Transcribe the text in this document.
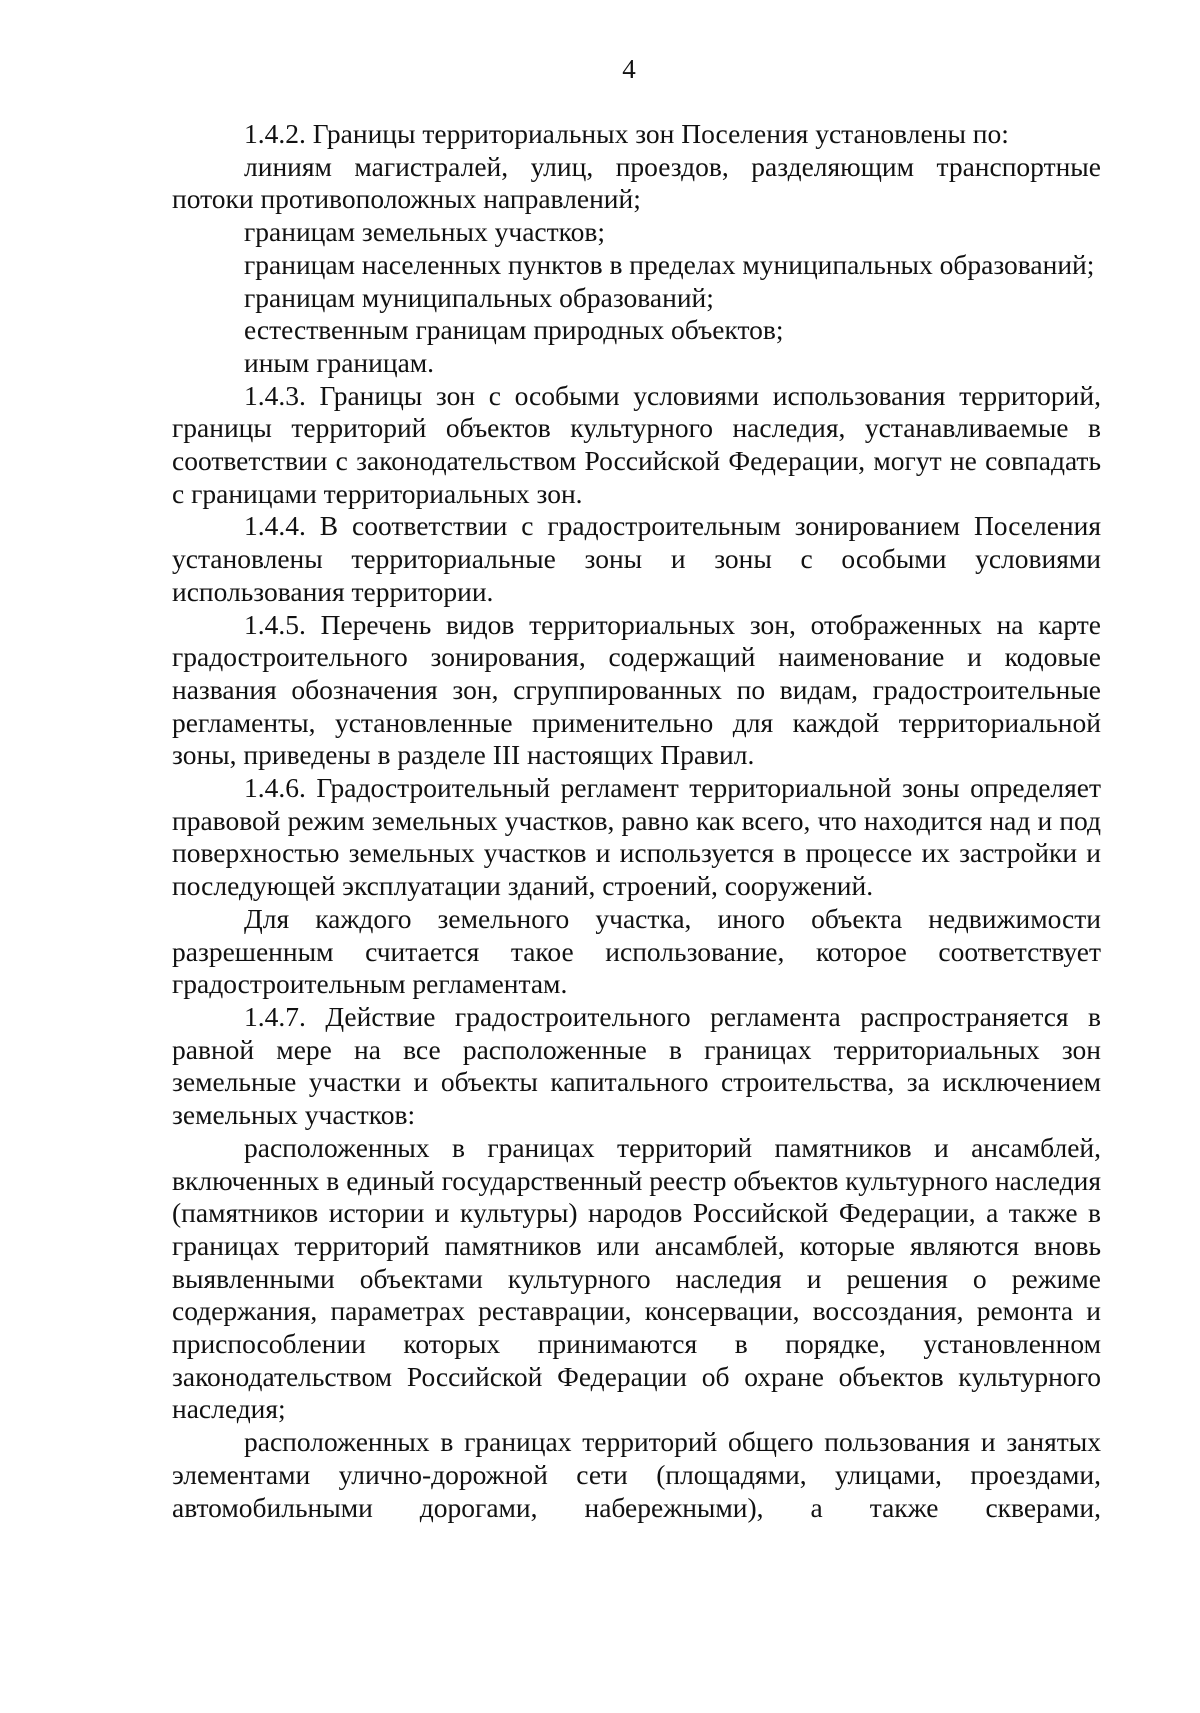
4
1.4.2. Границы территориальных зон Поселения установлены по:

линиям магистралей, улиц, проездов, разделяющим транспортные потоки противоположных направлений;

границам земельных участков;

границам населенных пунктов в пределах муниципальных образований;

границам муниципальных образований;
естественным границам природных объектов;
иным границам.

1.4.3. Границы зон с особыми условиями использования территорий, границы территорий объектов культурного наследия, устанавливаемые в соответствии с законодательством Российской Федерации, могут не совпадать с границами территориальных зон.

1.4.4. В соответствии с градостроительным зонированием Поселения установлены территориальные зоны и зоны с особыми условиями использования территории.

1.4.5. Перечень видов территориальных зон, отображенных на карте градостроительного зонирования, содержащий наименование и кодовые названия обозначения зон, сгруппированных по видам, градостроительные регламенты, установленные применительно для каждой территориальной зоны, приведены в разделе III настоящих Правил.

1.4.6. Градостроительный регламент территориальной зоны определяет правовой режим земельных участков, равно как всего, что находится над и под поверхностью земельных участков и используется в процессе их застройки и последующей эксплуатации зданий, строений, сооружений.

Для каждого земельного участка, иного объекта недвижимости разрешенным считается такое использование, которое соответствует градостроительным регламентам.

1.4.7. Действие градостроительного регламента распространяется в равной мере на все расположенные в границах территориальных зон земельные участки и объекты капитального строительства, за исключением земельных участков:

расположенных в границах территорий памятников и ансамблей, включенных в единый государственный реестр объектов культурного наследия (памятников истории и культуры) народов Российской Федерации, а также в границах территорий памятников или ансамблей, которые являются вновь выявленными объектами культурного наследия и решения о режиме содержания, параметрах реставрации, консервации, воссоздания, ремонта и приспособлении которых принимаются в порядке, установленном законодательством Российской Федерации об охране объектов культурного наследия;

расположенных в границах территорий общего пользования и занятых элементами улично-дорожной сети (площадями, улицами, проездами, автомобильными дорогами, набережными), а также скверами,
